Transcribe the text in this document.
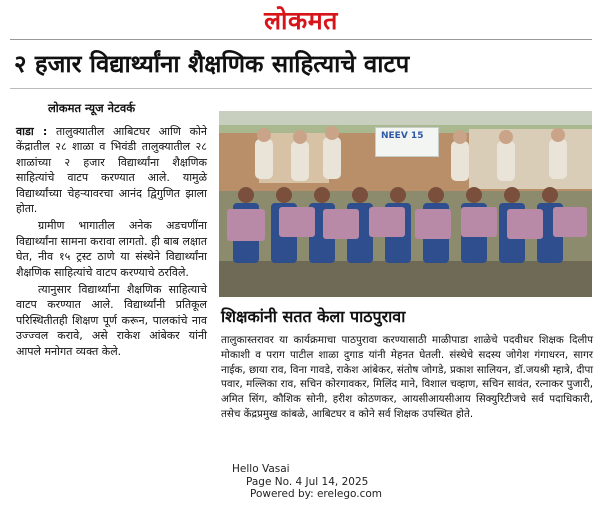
लोकमत
२ हजार विद्यार्थ्यांना शैक्षणिक साहित्याचे वाटप
लोकमत न्यूज नेटवर्क

वाडा : तालुक्यातील आबिटघर आणि कोने केंद्रातील २८ शाळा व भिवंडी तालुक्यातील २८ शाळांच्या २ हजार विद्यार्थ्यांना शैक्षणिक साहित्यांचे वाटप करण्यात आले. यामुळे विद्यार्थ्यांच्या चेहऱ्यावरचा आनंद द्विगुणित झाला होता.

ग्रामीण भागातील अनेक अडचणींना विद्यार्थ्यांना सामना करावा लागतो. ही बाब लक्षात घेत, नीव १५ ट्रस्ट ठाणे या संस्थेने विद्यार्थ्यांना शैक्षणिक साहित्यांचे वाटप करण्याचे ठरविले.

त्यानुसार विद्यार्थ्यांना शैक्षणिक साहित्याचे वाटप करण्यात आले. विद्यार्थ्यांनी प्रतिकूल परिस्थितीतही शिक्षण पूर्ण करून, पालकांचे नाव उज्ज्वल करावे, असे राकेश आंबेकर यांनी आपले मनोगत व्यक्त केले.

NEEV 15
शिक्षकांनी सतत केला पाठपुरावा
तालुकास्तरावर या कार्यक्रमाचा पाठपुरावा करण्यासाठी माळीपाडा शाळेचे पदवीधर शिक्षक दिलीप मोकाशी व पराग पाटील शाळा दुगाड यांनी मेहनत घेतली. संस्थेचे सदस्य जोगेश गंगाधरन, सागर नाईक, छाया राव, विना गावडे, राकेश आंबेकर, संतोष जोगडे, प्रकाश सालियन, डॉ.जयश्री म्हात्रे, दीपा पवार, मल्लिका राव, सचिन कोरगावकर, मिलिंद माने, विशाल चव्हाण, सचिन सावंत, रत्नाकर पुजारी, अमित सिंग, कौशिक सोनी, हरीश कोठणकर, आयसीआयसीआय सिक्युरिटीजचे सर्व पदाधिकारी, तसेच केंद्रप्रमुख कांबळे, आबिटघर व कोने सर्व शिक्षक उपस्थित होते.
Hello Vasai
Page No. 4 Jul 14, 2025
Powered by: erelego.com
